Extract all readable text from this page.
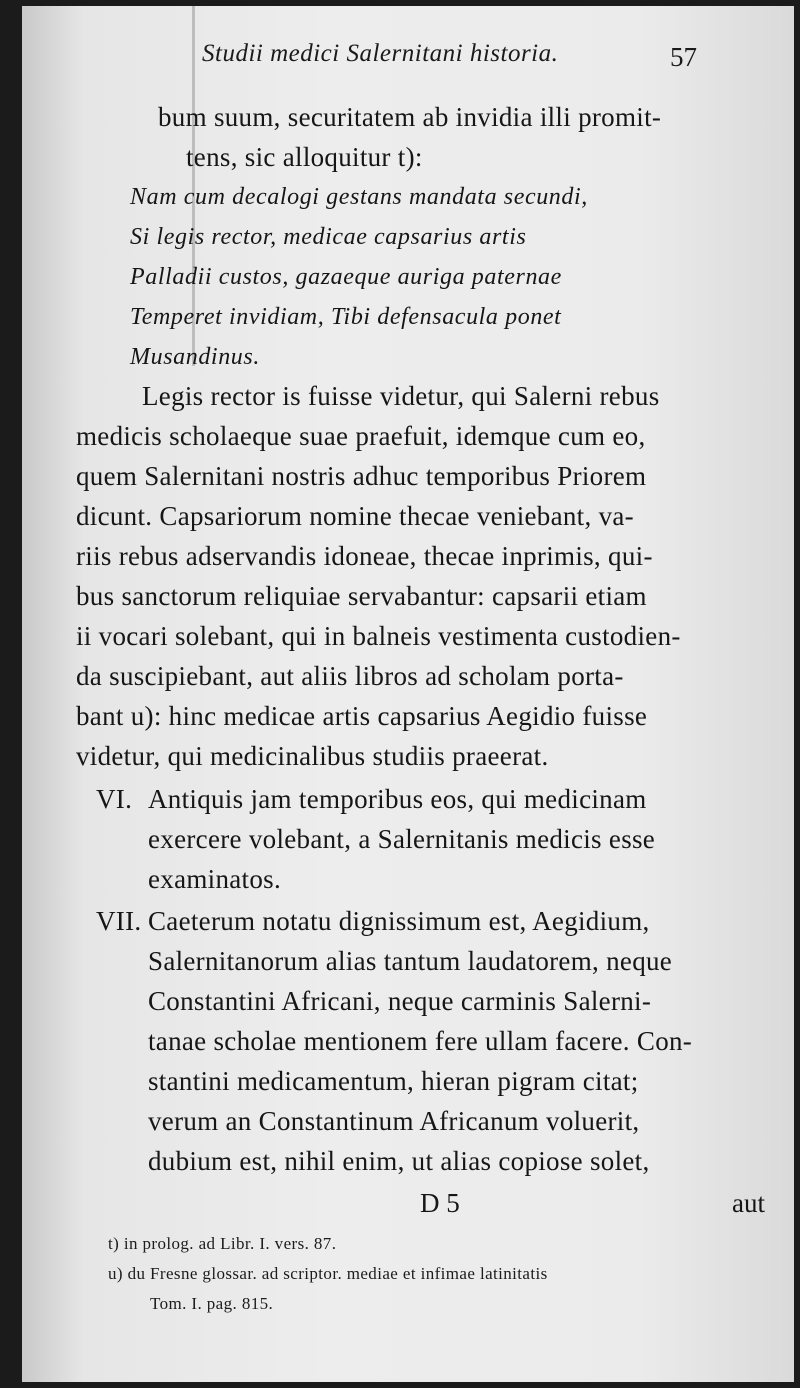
Studii medici Salernitani historia.	57
bum suum, securitatem ab invidia illi promit-
tens, sic alloquitur t):
Nam cum decalogi gestans mandata secundi,
Si legis rector, medicae capsarius artis
Palladii custos, gazaeque auriga paternae
Temperet invidiam, Tibi defensacula ponet
Musandinus.
Legis rector is fuisse videtur, qui Salerni rebus
medicis scholaeque suae praefuit, idemque cum eo,
quem Salernitani nostris adhuc temporibus Priorem
dicunt. Capsariorum nomine thecae veniebant, va-
riis rebus adservandis idoneae, thecae inprimis, qui-
bus sanctorum reliquiae servabantur: capsarii etiam
ii vocari solebant, qui in balneis vestimenta custodien-
da suscipiebant, aut aliis libros ad scholam porta-
bant u): hinc medicae artis capsarius Aegidio fuisse
videtur, qui medicinalibus studiis praeerat.
VI. Antiquis jam temporibus eos, qui medicinam
exercere volebant, a Salernitanis medicis esse
examinatos.
VII. Caeterum notatu dignissimum est, Aegidium,
Salernitanorum alias tantum laudatorem, neque
Constantini Africani, neque carminis Salerni-
tanae scholae mentionem fere ullam facere. Con-
stantini medicamentum, hieran pigram citat;
verum an Constantinum Africanum voluerit,
dubium est, nihil enim, ut alias copiose solet,
D 5	aut
t) in prolog. ad Libr. I. vers. 87.
u) du Fresne glossar. ad scriptor. mediae et infimae latinitatis
Tom. I. pag. 815.
